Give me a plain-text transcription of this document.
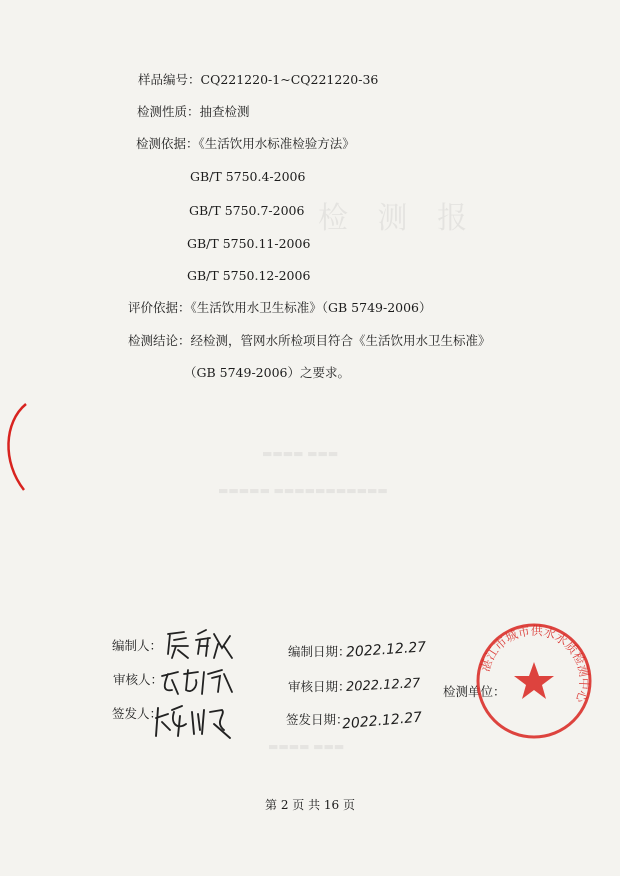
检 测 报
▬▬▬▬ ▬▬▬
▬▬▬▬▬ ▬▬▬▬▬▬▬▬▬▬▬
▬▬▬▬ ▬▬▬
样品编号：CQ221220-1~CQ221220-36
检测性质：抽查检测
检测依据：《生活饮用水标准检验方法》
GB/T 5750.4-2006
GB/T 5750.7-2006
GB/T 5750.11-2006
GB/T 5750.12-2006
评价依据：《生活饮用水卫生标准》（GB 5749-2006）
检测结论：经检测，管网水所检项目符合《生活饮用水卫生标准》
（GB 5749-2006）之要求。
编制人：
审核人：
签发人：
编制日期：
审核日期：
签发日期：
2022.12.27
2022.12.27
2022.12.27
检测单位：
湛江市城市供水水质检测中心
第 2 页 共 16 页
